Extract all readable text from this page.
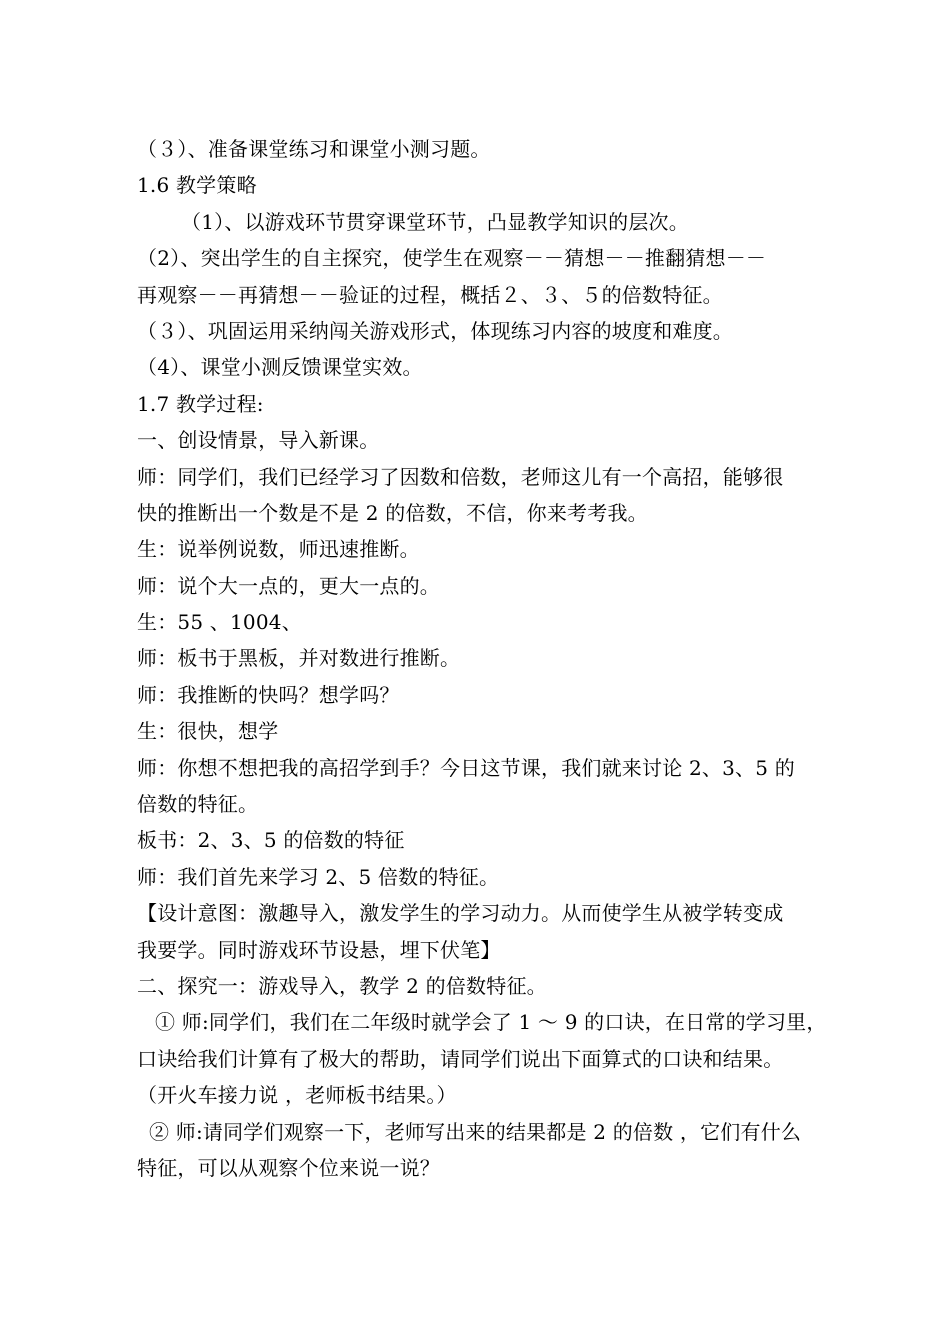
（３）、准备课堂练习和课堂小测习题。
1.6 教学策略
（1）、以游戏环节贯穿课堂环节，凸显教学知识的层次。
（2）、突出学生的自主探究，使学生在观察－－猜想－－推翻猜想－－
再观察－－再猜想－－验证的过程，概括２、３、５的倍数特征。
（３）、巩固运用采纳闯关游戏形式，体现练习内容的坡度和难度。
（4）、课堂小测反馈课堂实效。
1.7 教学过程:
一、创设情景，导入新课。
师：同学们，我们已经学习了因数和倍数，老师这儿有一个高招，能够很
快的推断出一个数是不是 2 的倍数，不信，你来考考我。
生：说举例说数，师迅速推断。
师：说个大一点的，更大一点的。
生：55 、1004、
师：板书于黑板，并对数进行推断。
师：我推断的快吗？想学吗？
生：很快，想学
师：你想不想把我的高招学到手？今日这节课，我们就来讨论 2、3、5 的
倍数的特征。
板书：2、3、5 的倍数的特征
师：我们首先来学习 2、5 倍数的特征。
【设计意图：激趣导入，激发学生的学习动力。从而使学生从被学转变成
我要学。同时游戏环节设悬，埋下伏笔】
二、探究一：游戏导入，教学 2 的倍数特征。
① 师:同学们，我们在二年级时就学会了 1 ～ 9 的口诀，在日常的学习里，
口诀给我们计算有了极大的帮助，请同学们说出下面算式的口诀和结果。
（开火车接力说 ，老师板书结果。）
② 师:请同学们观察一下，老师写出来的结果都是 2 的倍数 ，它们有什么
特征，可以从观察个位来说一说？
